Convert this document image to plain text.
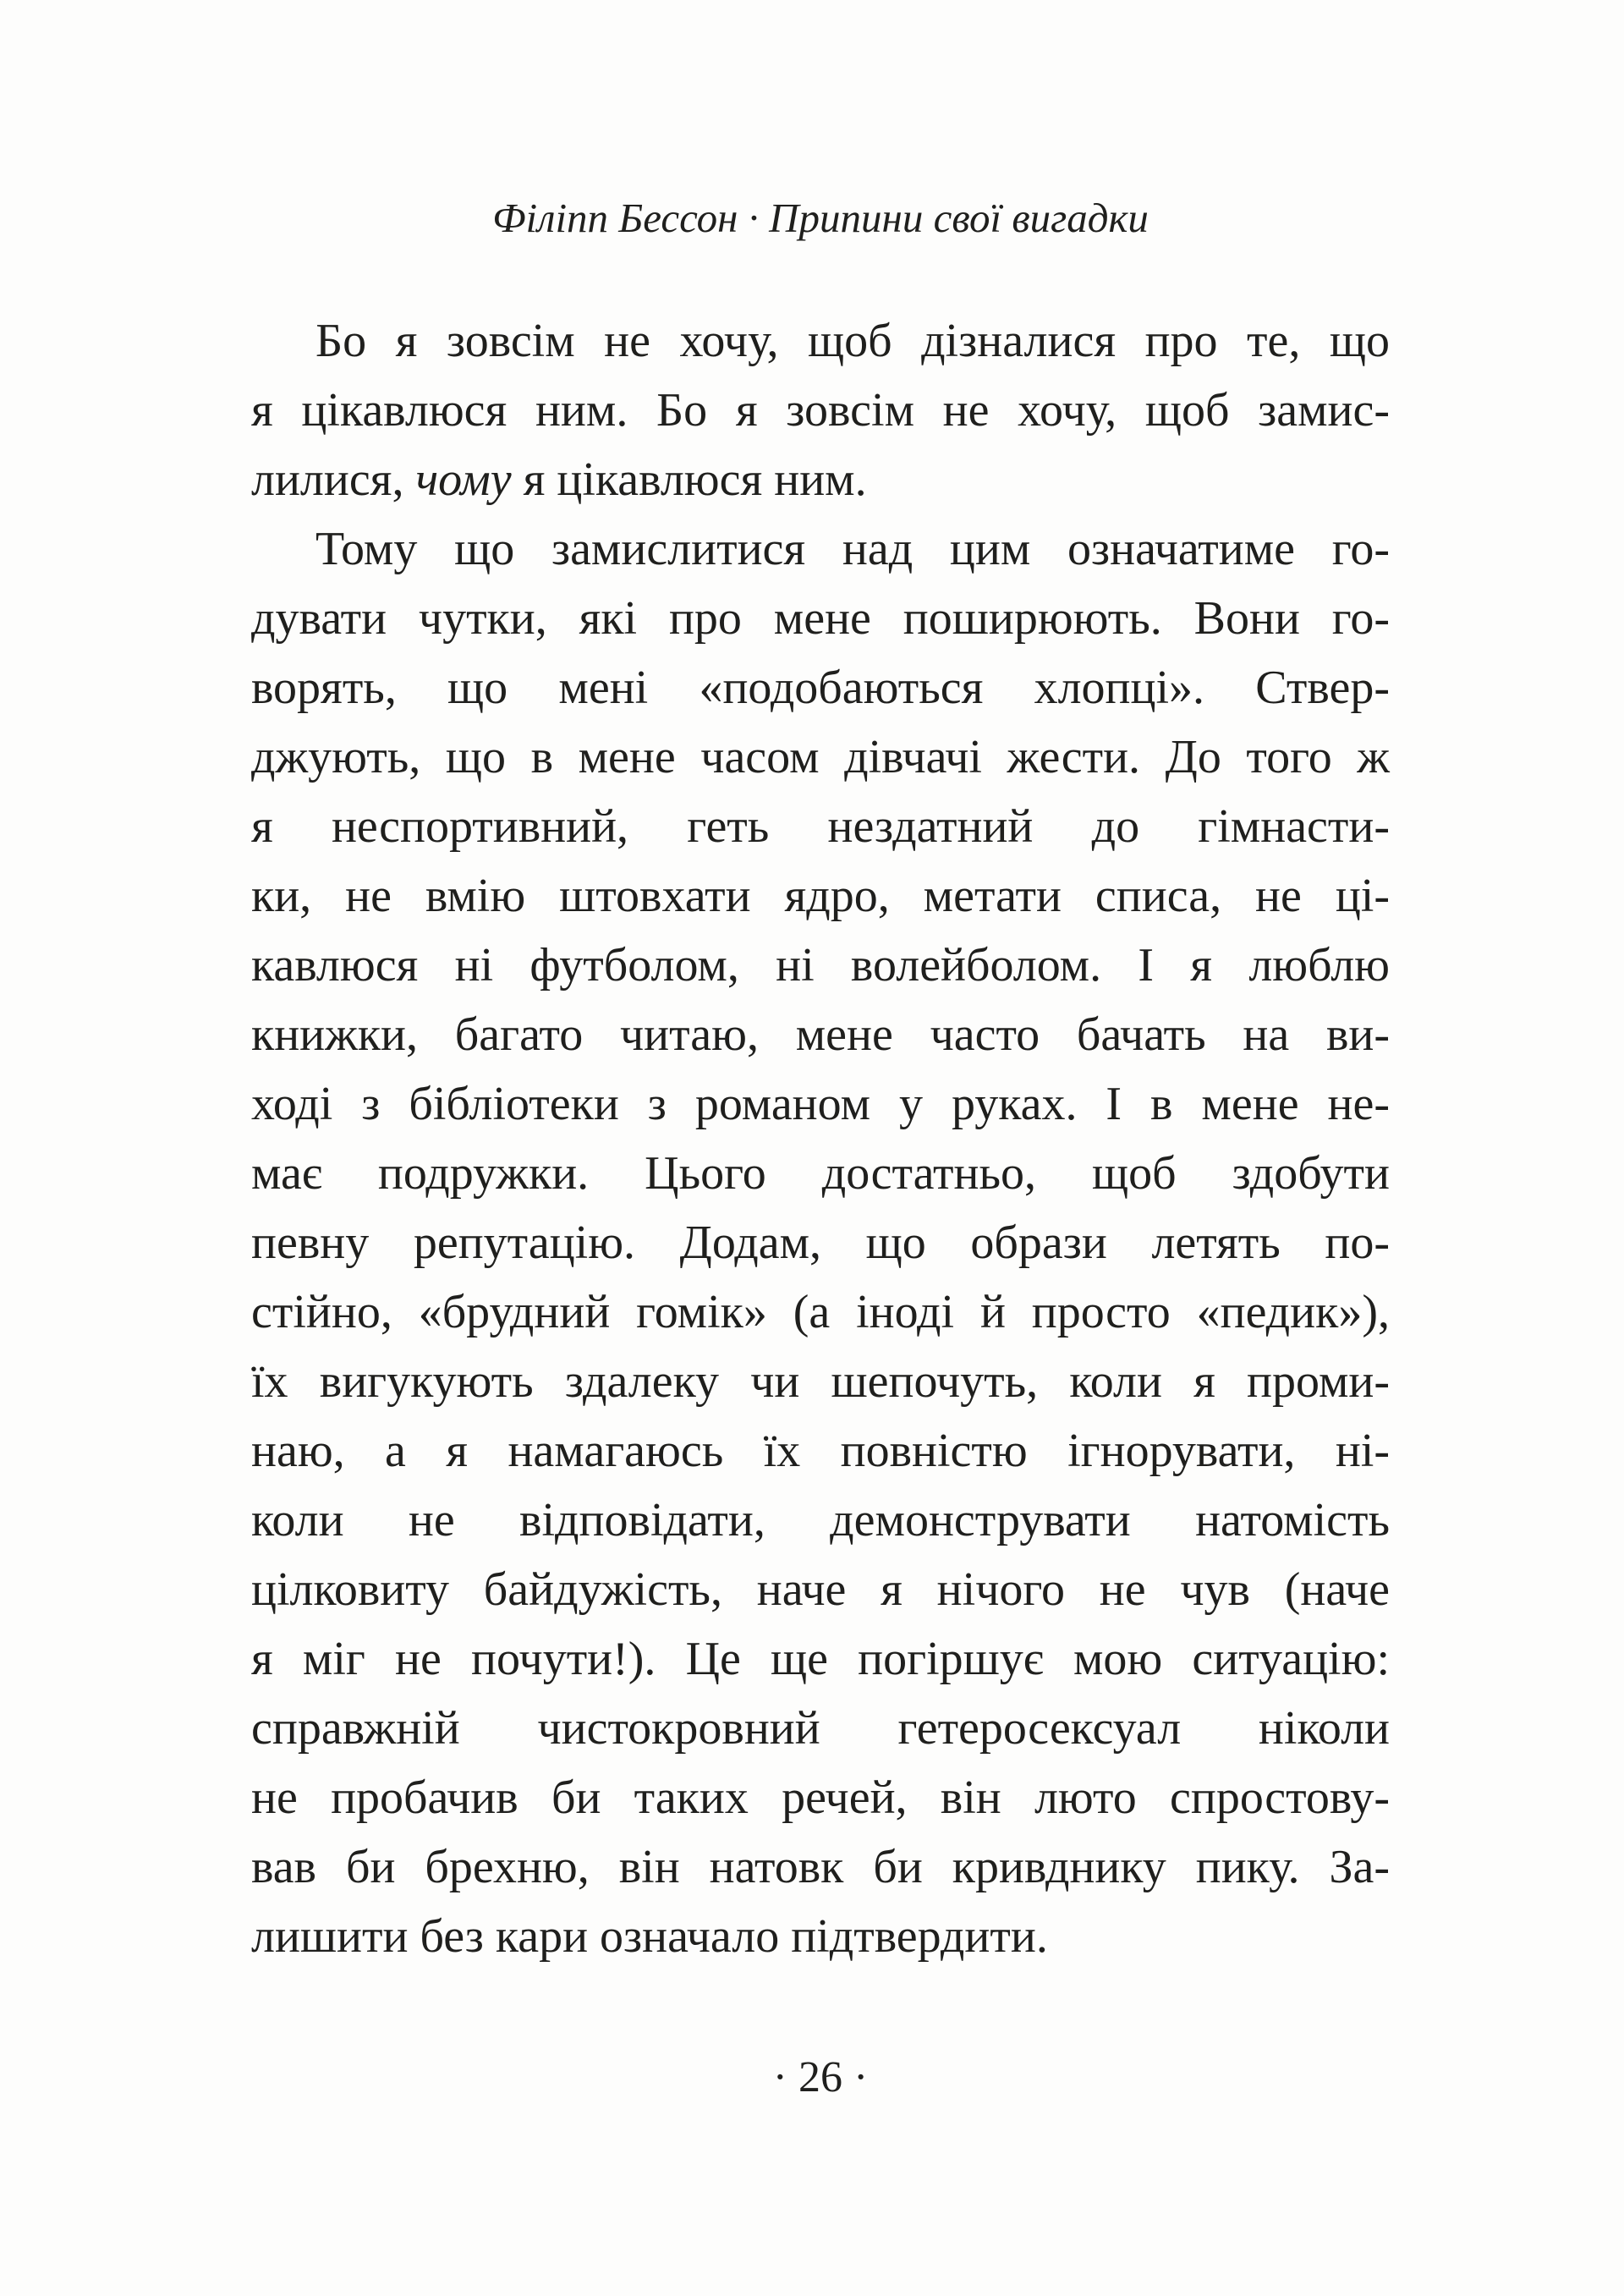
Філіпп Бессон · Припини свої вигадки
Бо я зовсім не хочу, щоб дізналися про те, що
я цікавлюся ним. Бо я зовсім не хочу, щоб замис-
лилися, чому я цікавлюся ним.
Тому що замислитися над цим означатиме го-
дувати чутки, які про мене поширюють. Вони го-
ворять, що мені «подобаються хлопці». Ствер-
джують, що в мене часом дівчачі жести. До того ж
я неспортивний, геть нездатний до гімнасти-
ки, не вмію штовхати ядро, метати списа, не ці-
кавлюся ні футболом, ні волейболом. І я люблю
книжки, багато читаю, мене часто бачать на ви-
ході з бібліотеки з романом у руках. І в мене не-
має подружки. Цього достатньо, щоб здобути
певну репутацію. Додам, що образи летять по-
стійно, «брудний гомік» (а іноді й просто «педик»),
їх вигукують здалеку чи шепочуть, коли я проми-
наю, а я намагаюсь їх повністю ігнорувати, ні-
коли не відповідати, демонструвати натомість
цілковиту байдужість, наче я нічого не чув (наче
я міг не почути!). Це ще погіршує мою ситуацію:
справжній чистокровний гетеросексуал ніколи
не пробачив би таких речей, він люто спростову-
вав би брехню, він натовк би кривднику пику. За-
лишити без кари означало підтвердити.
· 26 ·
